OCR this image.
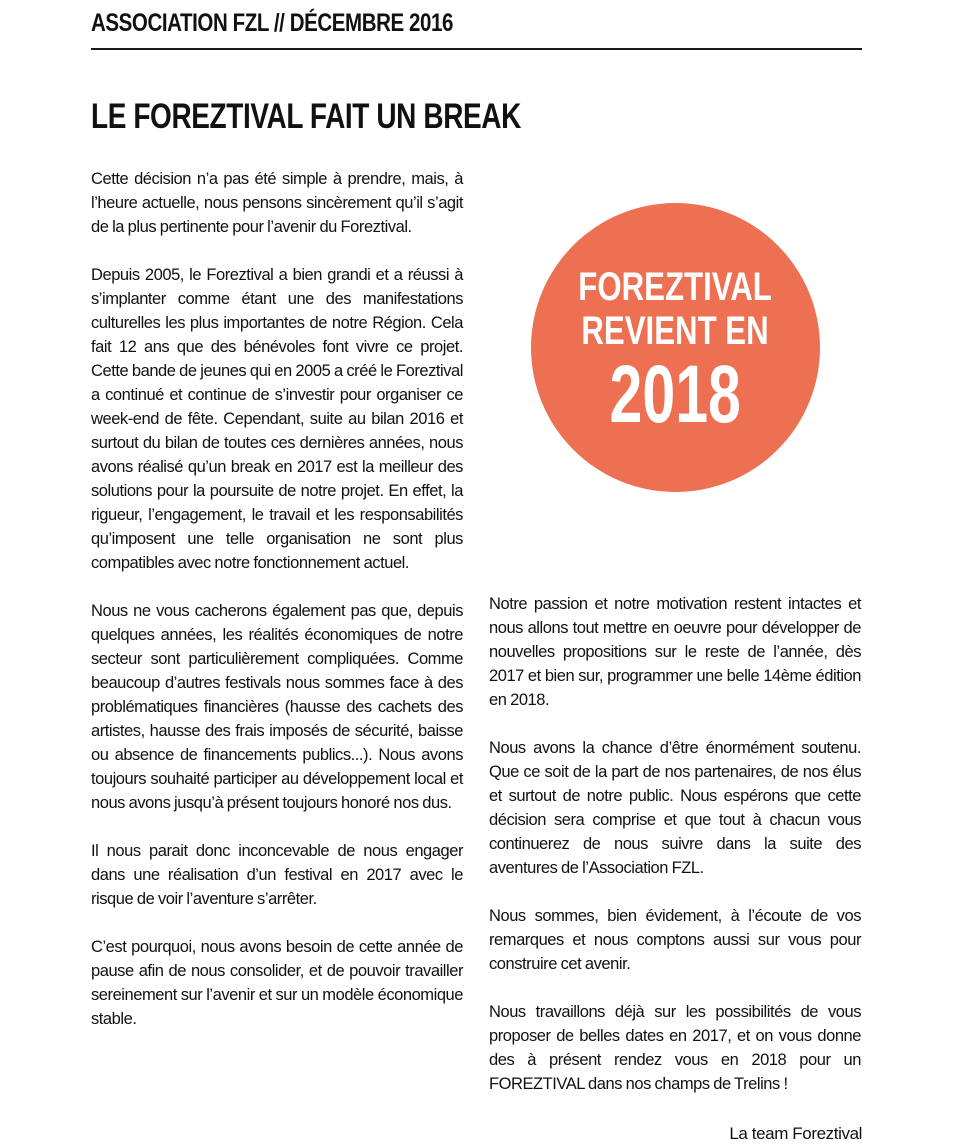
ASSOCIATION FZL // DÉCEMBRE 2016
LE FOREZTIVAL FAIT UN BREAK

Cette décision n’a pas été simple à prendre, mais, à l’heure actuelle, nous pensons sincèrement qu’il s’agit de la plus pertinente pour l’avenir du Foreztival.

Depuis 2005, le Foreztival a bien grandi et a réussi à s’implanter comme étant une des manifestations culturelles les plus importantes de notre Région. Cela fait 12 ans que des bénévoles font vivre ce projet. Cette bande de jeunes qui en 2005 a créé le Foreztival a continué et continue de s’investir pour organiser ce week-end de fête. Cependant, suite au bilan 2016 et surtout du bilan de toutes ces dernières années, nous avons réalisé qu’un break en 2017 est la meilleur des solutions pour la poursuite de notre projet. En effet, la rigueur, l’engagement, le travail et les responsabilités qu’imposent une telle organisation ne sont plus compatibles avec notre fonctionnement actuel.

Nous ne vous cacherons également pas que, depuis quelques années, les réalités économiques de notre secteur sont particulièrement compliquées. Comme beaucoup d’autres festivals nous sommes face à des problématiques financières (hausse des cachets des artistes, hausse des frais imposés de sécurité, baisse ou absence de financements publics...). Nous avons toujours souhaité participer au développement local et nous avons jusqu’à présent toujours honoré nos dus.

Il nous parait donc inconcevable de nous engager dans une réalisation d’un festival en 2017 avec le risque de voir l’aventure s’arrêter.

C’est pourquoi, nous avons besoin de cette année de pause afin de nous consolider, et de pouvoir travailler sereinement sur l’avenir et sur un modèle économique stable.

FOREZTIVAL
REVIENT EN
2018

Notre passion et notre motivation restent intactes et nous allons tout mettre en oeuvre pour développer de nouvelles propositions sur le reste de l’année, dès 2017 et bien sur, programmer une belle 14ème édition en 2018.

Nous avons la chance d’être énormément soutenu. Que ce soit de la part de nos partenaires, de nos élus et surtout de notre public. Nous espérons que cette décision sera comprise et que tout à chacun vous continuerez de nous suivre dans la suite des aventures de l’Association FZL.

Nous sommes, bien évidement, à l’écoute de vos remarques et nous comptons aussi sur vous pour construire cet avenir.

Nous travaillons déjà sur les possibilités de vous proposer de belles dates en 2017, et on vous donne des à présent rendez vous en 2018 pour un FOREZTIVAL dans nos champs de Trelins !

La team Foreztival
